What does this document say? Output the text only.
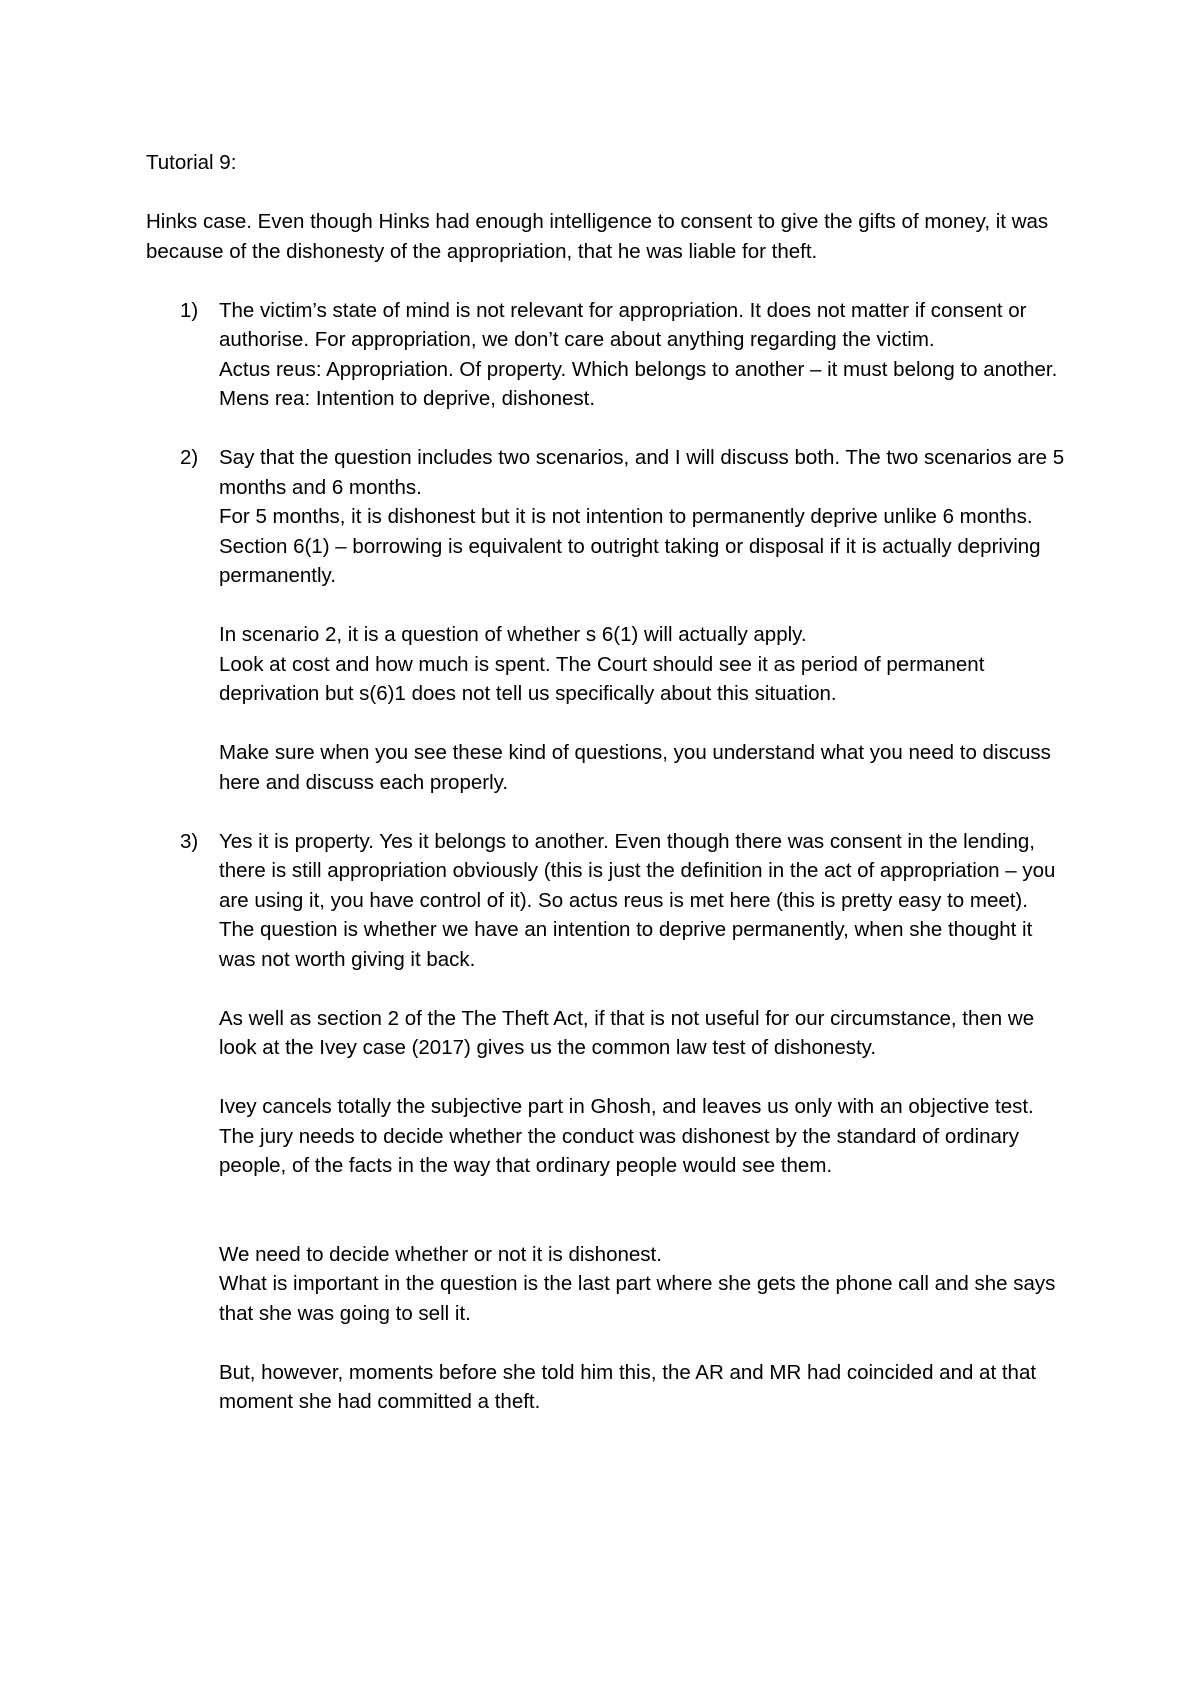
Tutorial 9:

Hinks case. Even though Hinks had enough intelligence to consent to give the gifts of money, it was because of the dishonesty of the appropriation, that he was liable for theft.

1) The victim’s state of mind is not relevant for appropriation. It does not matter if consent or authorise. For appropriation, we don’t care about anything regarding the victim.

Actus reus: Appropriation. Of property. Which belongs to another – it must belong to another.

Mens rea: Intention to deprive, dishonest.

2) Say that the question includes two scenarios, and I will discuss both. The two scenarios are 5 months and 6 months.

For 5 months, it is dishonest but it is not intention to permanently deprive unlike 6 months.

Section 6(1) – borrowing is equivalent to outright taking or disposal if it is actually depriving permanently.

In scenario 2, it is a question of whether s 6(1) will actually apply.

Look at cost and how much is spent. The Court should see it as period of permanent deprivation but s(6)1 does not tell us specifically about this situation.

Make sure when you see these kind of questions, you understand what you need to discuss here and discuss each properly.

3) Yes it is property. Yes it belongs to another. Even though there was consent in the lending, there is still appropriation obviously (this is just the definition in the act of appropriation – you are using it, you have control of it). So actus reus is met here (this is pretty easy to meet).

The question is whether we have an intention to deprive permanently, when she thought it was not worth giving it back.

As well as section 2 of the The Theft Act, if that is not useful for our circumstance, then we look at the Ivey case (2017) gives us the common law test of dishonesty.

Ivey cancels totally the subjective part in Ghosh, and leaves us only with an objective test. The jury needs to decide whether the conduct was dishonest by the standard of ordinary people, of the facts in the way that ordinary people would see them.

We need to decide whether or not it is dishonest.

What is important in the question is the last part where she gets the phone call and she says that she was going to sell it.

But, however, moments before she told him this, the AR and MR had coincided and at that moment she had committed a theft.
